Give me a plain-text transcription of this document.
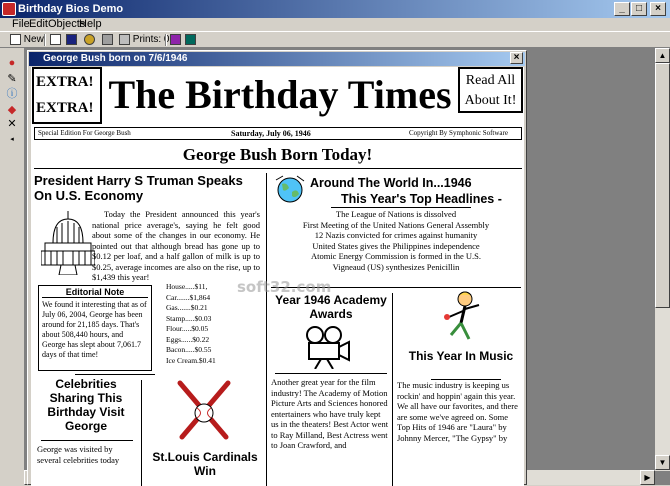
Birthday Bios Demo	_	□	×
File Edit Objects
Help
New	Prints: 0
●
✎
ⓘ
◆
✕
◂
▲
▼
▶
George Bush born on 7/6/1946	×
EXTRA!
EXTRA! The Birthday Times	Read All
About It!
Special Edition For George Bush	Saturday, July 06, 1946	Copyright By Symphonic Software
George Bush Born Today!
President Harry S Truman Speaks On U.S. Economy
Today the President announced this year's national price average's, saying he felt good about some of the changes in our economy. He pointed out that although bread has gone up to $0.12 per loaf, and a half gallon of milk is up to $0.25, average incomes are also on the rise, up to $1,439 this year!
Editorial Note
We found it interesting that as of July 06, 2004, George has been around for 21,185 days. That's about 508,440 hours, and George has slept about 7,061.7 days of that time!
House.....$11,
Car.......$1,864
Gas.......$0.21
Stamp.....$0.03
Flour.....$0.05
Eggs......$0.22
Bacon.....$0.55
Ice Cream.$0.41
Celebrities Sharing This Birthday Visit George
George was visited by several celebrities today	St.Louis Cardinals Win
Around The World In...1946
This Year's Top Headlines -
The League of Nations is dissolved
First Meeting of the United Nations General Assembly
12 Nazis convicted for crimes against humanity
United States gives the Philippines independence
Atomic Energy Commission is formed in the U.S.
Vigneaud (US) synthesizes Penicillin
Year 1946 Academy Awards
Another great year for the film industry! The Academy of Motion Picture Arts and Sciences honored entertainers who have truly kept us in the theaters! Best Actor went to Ray Milland, Best Actress went to Joan Crawford, and
This Year In Music
The music industry is keeping us rockin' and hoppin' again this year. We all have our favorites, and there are some we've agreed on. Some Top Hits of 1946 are "Laura" by Johnny Mercer, "The Gypsy" by
soft32.com
